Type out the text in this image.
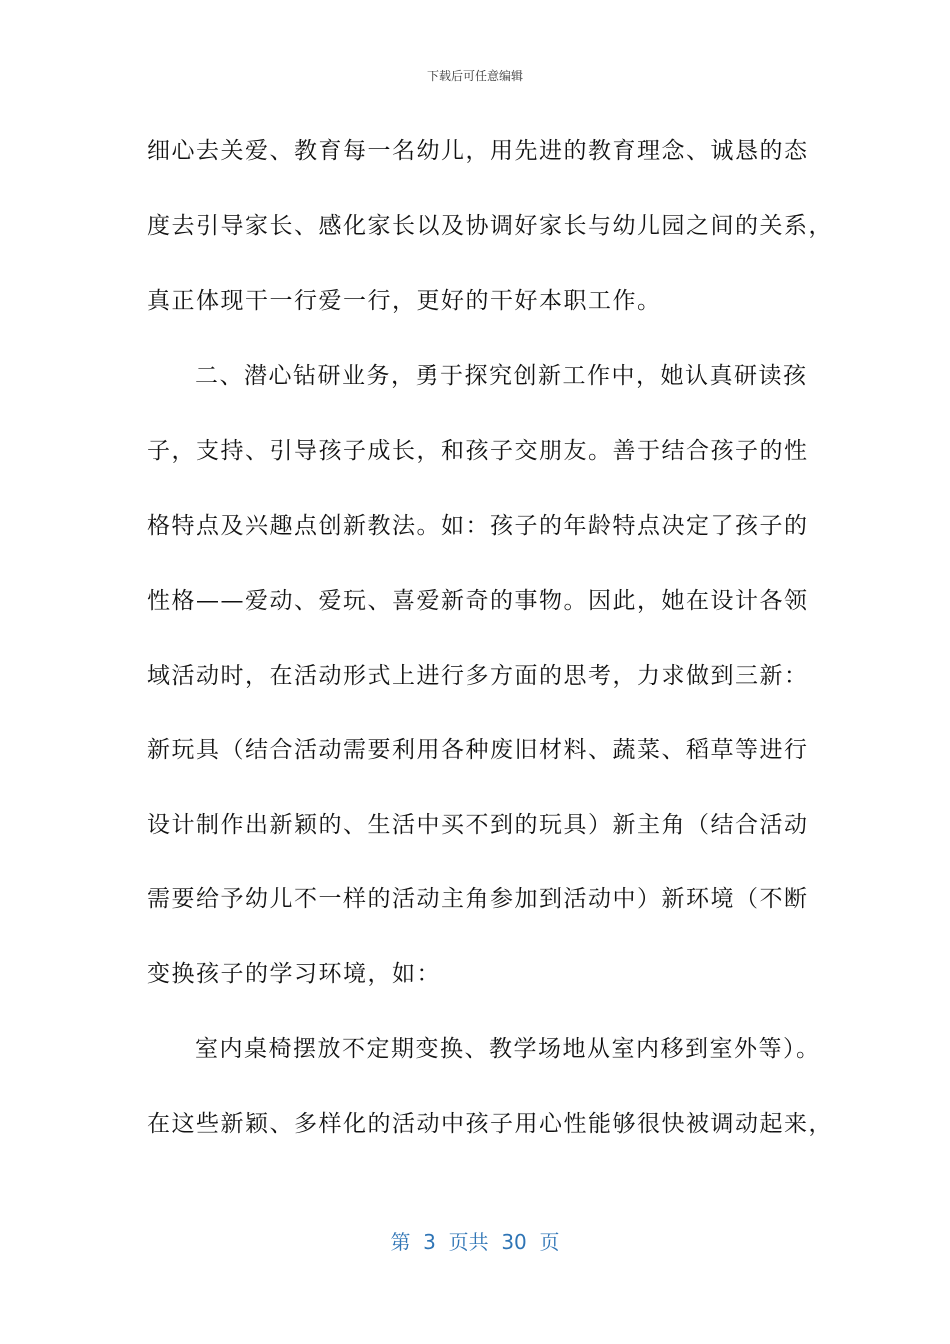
下载后可任意编辑
细心去关爱、教育每一名幼儿，用先进的教育理念、诚恳的态
度去引导家长、感化家长以及协调好家长与幼儿园之间的关系，
真正体现干一行爱一行，更好的干好本职工作。
二、潜心钻研业务，勇于探究创新工作中，她认真研读孩
子，支持、引导孩子成长，和孩子交朋友。善于结合孩子的性
格特点及兴趣点创新教法。如：孩子的年龄特点决定了孩子的
性格——爱动、爱玩、喜爱新奇的事物。因此，她在设计各领
域活动时，在活动形式上进行多方面的思考，力求做到三新：
新玩具（结合活动需要利用各种废旧材料、蔬菜、稻草等进行
设计制作出新颖的、生活中买不到的玩具）新主角（结合活动
需要给予幼儿不一样的活动主角参加到活动中）新环境（不断
变换孩子的学习环境，如：
室内桌椅摆放不定期变换、教学场地从室内移到室外等）。
在这些新颖、多样化的活动中孩子用心性能够很快被调动起来，
第  3  页共  30  页
